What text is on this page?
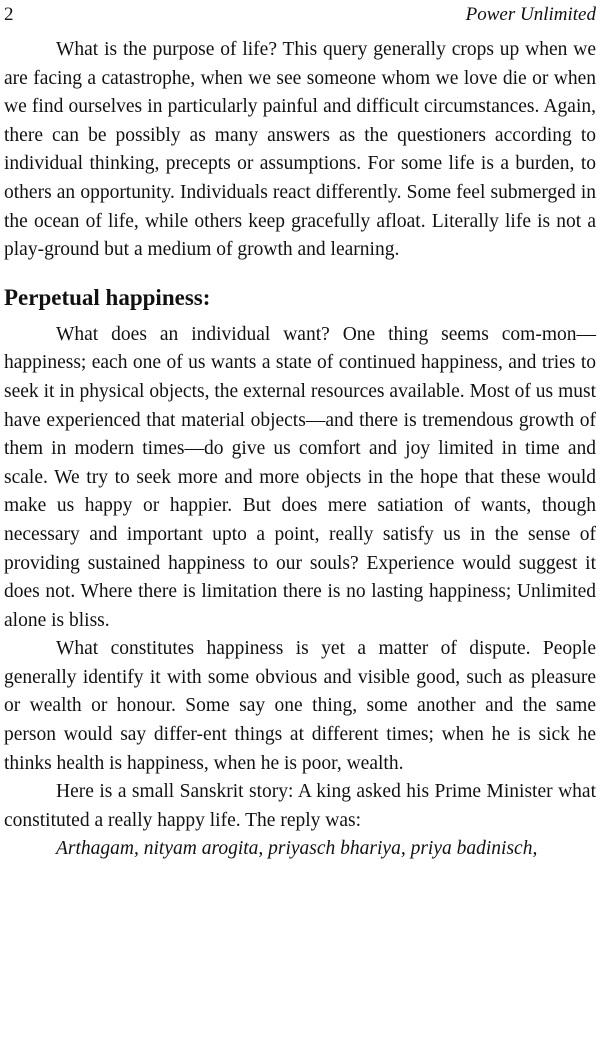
2	Power Unlimited

What is the purpose of life? This query generally crops up when we are facing a catastrophe, when we see someone whom we love die or when we find ourselves in particularly painful and difficult circumstances. Again, there can be possibly as many answers as the questioners according to individual thinking, precepts or assumptions. For some life is a burden, to others an opportunity. Individuals react differently. Some feel submerged in the ocean of life, while others keep gracefully afloat. Literally life is not a play-ground but a medium of growth and learning.

Perpetual happiness:

What does an individual want? One thing seems com-mon—happiness; each one of us wants a state of continued happiness, and tries to seek it in physical objects, the external resources available. Most of us must have experienced that material objects—and there is tremendous growth of them in modern times—do give us comfort and joy limited in time and scale. We try to seek more and more objects in the hope that these would make us happy or happier. But does mere satiation of wants, though necessary and important upto a point, really satisfy us in the sense of providing sustained happiness to our souls? Experience would suggest it does not. Where there is limitation there is no lasting happiness; Unlimited alone is bliss.

What constitutes happiness is yet a matter of dispute. People generally identify it with some obvious and visible good, such as pleasure or wealth or honour. Some say one thing, some another and the same person would say differ-ent things at different times; when he is sick he thinks health is happiness, when he is poor, wealth.

Here is a small Sanskrit story: A king asked his Prime Minister what constituted a really happy life. The reply was:

Arthagam, nityam arogita, priyasch bhariya, priya badinisch,
